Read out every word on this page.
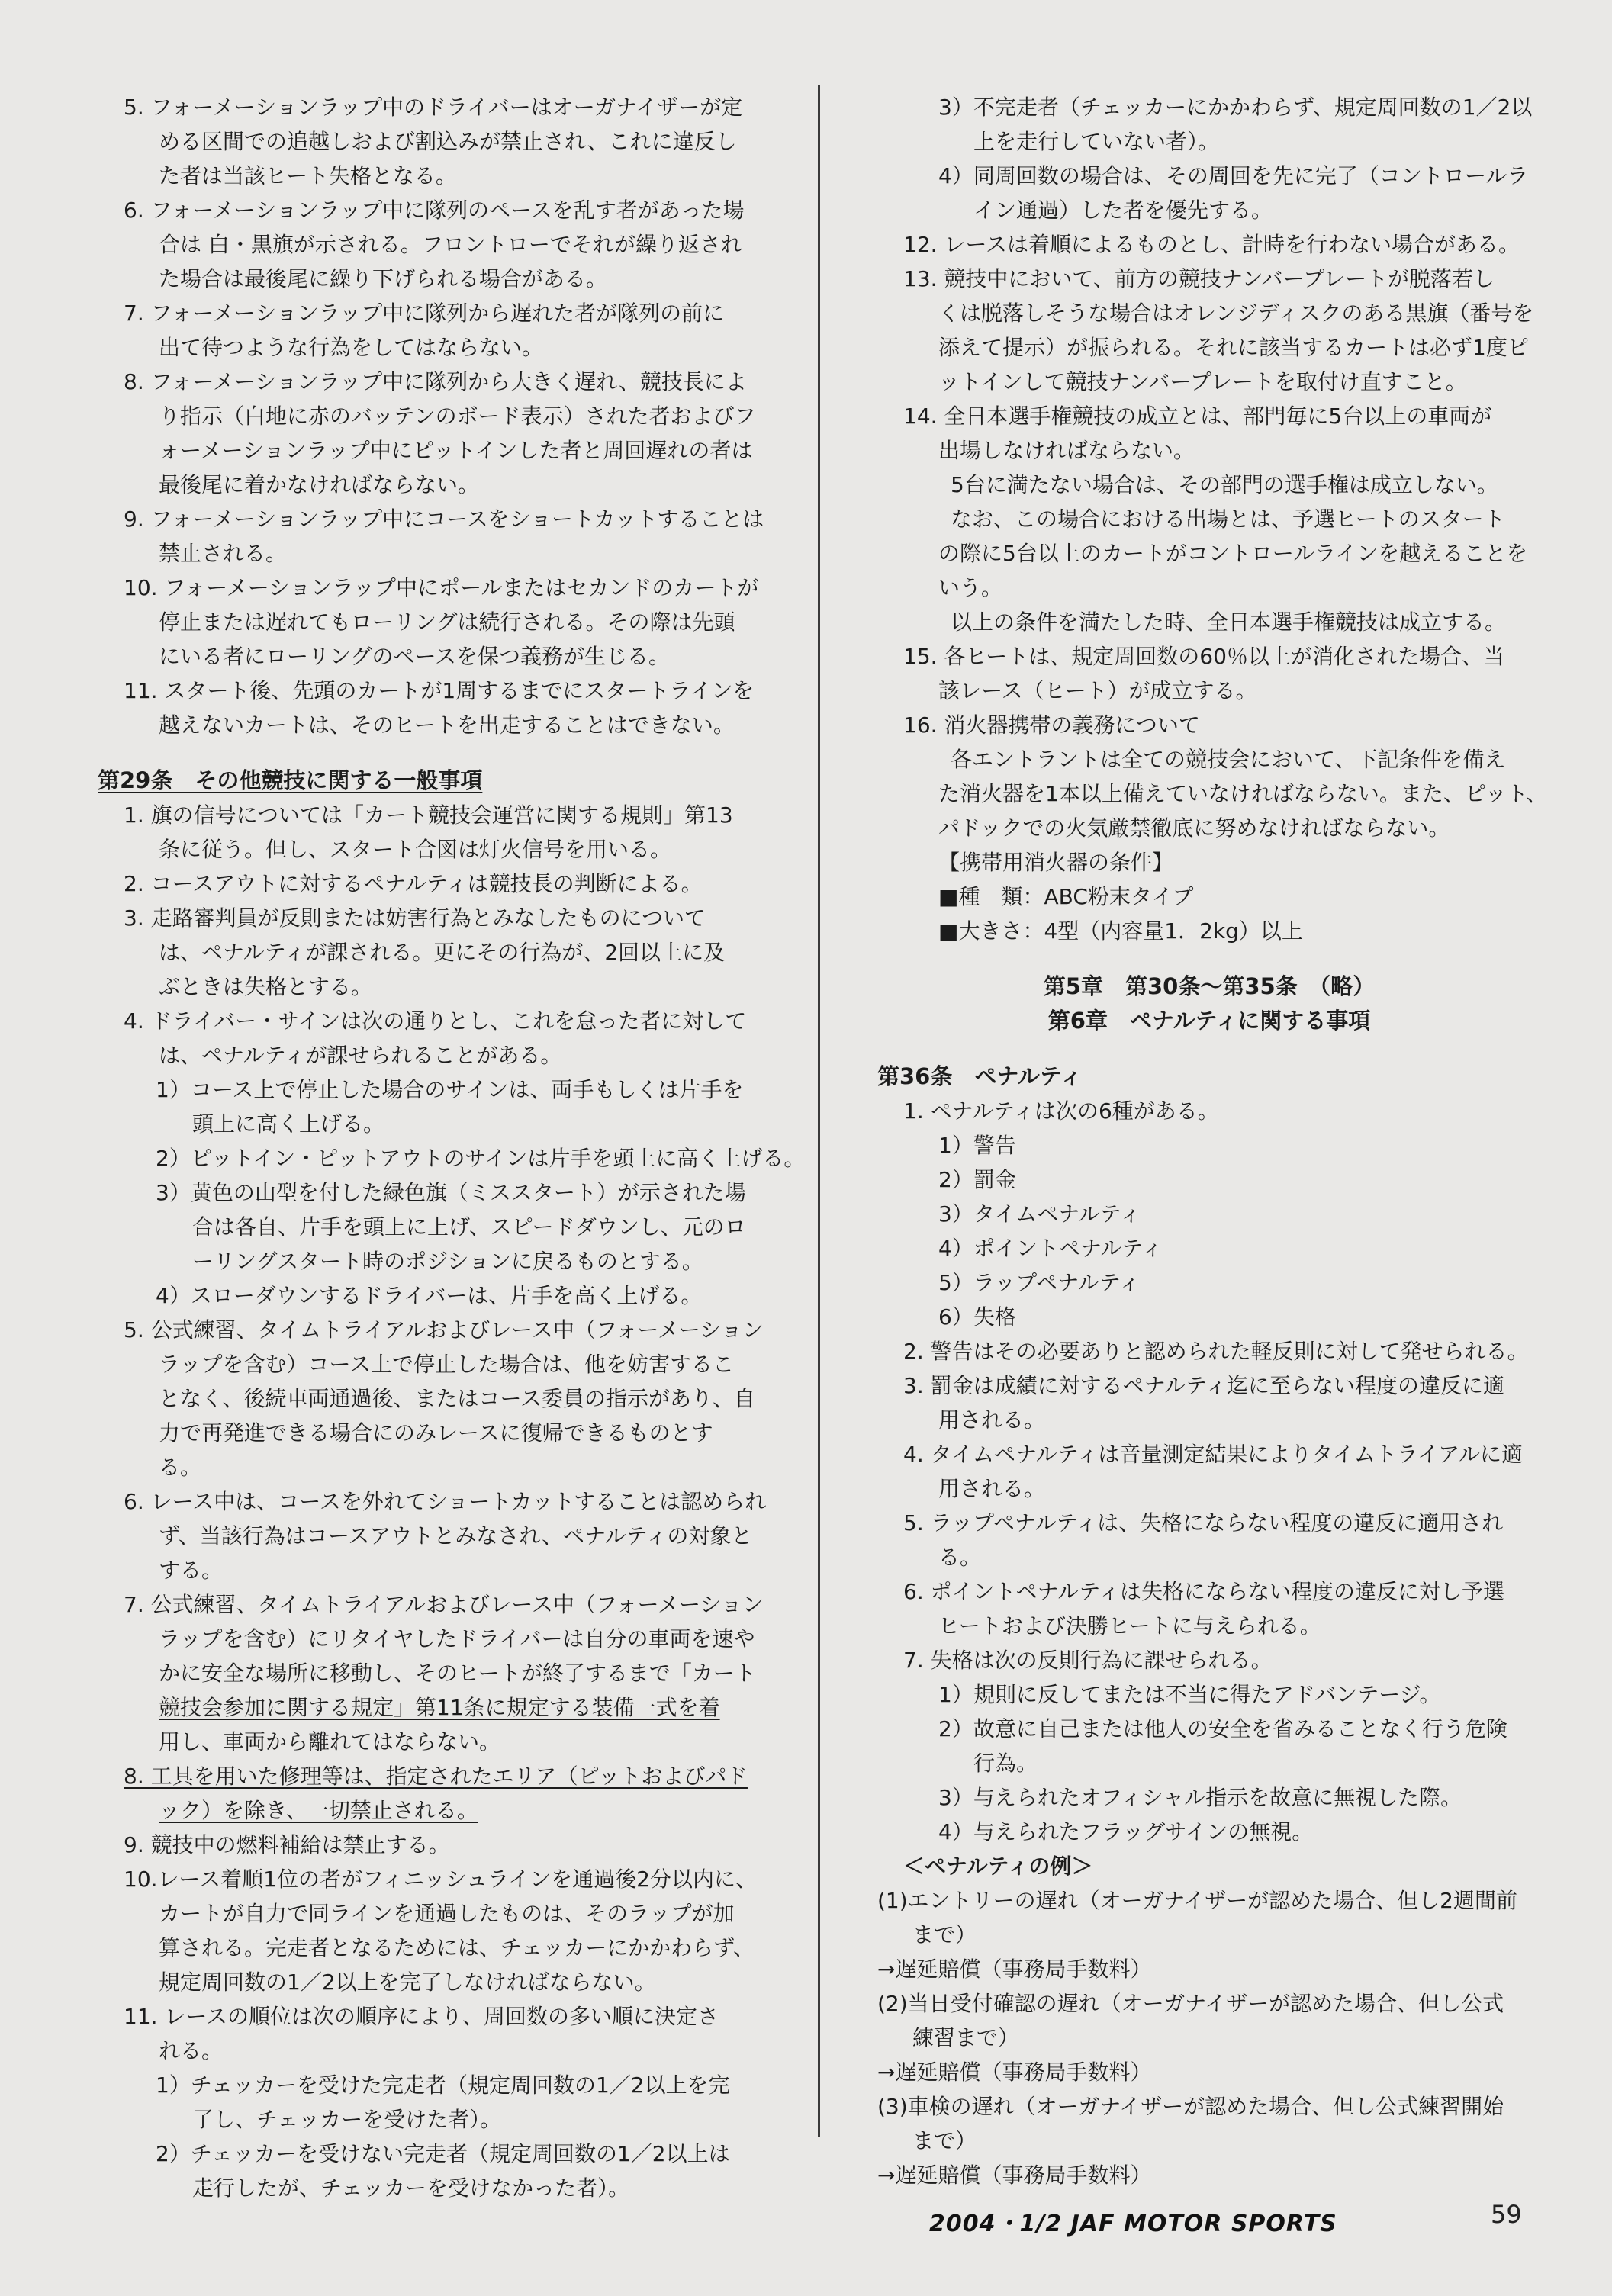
5. フォーメーションラップ中のドライバーはオーガナイザーが定
める区間での追越しおよび割込みが禁止され、これに違反し
た者は当該ヒート失格となる。
6. フォーメーションラップ中に隊列のペースを乱す者があった場
合は 白・黒旗が示される。フロントローでそれが繰り返され
た場合は最後尾に繰り下げられる場合がある。
7. フォーメーションラップ中に隊列から遅れた者が隊列の前に
出て待つような行為をしてはならない。
8. フォーメーションラップ中に隊列から大きく遅れ、競技長によ
り指示（白地に赤のバッテンのボード表示）された者およびフ
ォーメーションラップ中にピットインした者と周回遅れの者は
最後尾に着かなければならない。
9. フォーメーションラップ中にコースをショートカットすることは
禁止される。
10. フォーメーションラップ中にポールまたはセカンドのカートが
停止または遅れてもローリングは続行される。その際は先頭
にいる者にローリングのペースを保つ義務が生じる。
11. スタート後、先頭のカートが1周するまでにスタートラインを
越えないカートは、そのヒートを出走することはできない。
第29条　その他競技に関する一般事項
1. 旗の信号については「カート競技会運営に関する規則」第13
条に従う。但し、スタート合図は灯火信号を用いる。
2. コースアウトに対するペナルティは競技長の判断による。
3. 走路審判員が反則または妨害行為とみなしたものについて
は、ペナルティが課される。更にその行為が、2回以上に及
ぶときは失格とする。
4. ドライバー・サインは次の通りとし、これを怠った者に対して
は、ペナルティが課せられることがある。
1）コース上で停止した場合のサインは、両手もしくは片手を
頭上に高く上げる。
2）ピットイン・ピットアウトのサインは片手を頭上に高く上げる。
3）黄色の山型を付した緑色旗（ミススタート）が示された場
合は各自、片手を頭上に上げ、スピードダウンし、元のロ
ーリングスタート時のポジションに戻るものとする。
4）スローダウンするドライバーは、片手を高く上げる。
5. 公式練習、タイムトライアルおよびレース中（フォーメーション
ラップを含む）コース上で停止した場合は、他を妨害するこ
となく、後続車両通過後、またはコース委員の指示があり、自
力で再発進できる場合にのみレースに復帰できるものとす
る。
6. レース中は、コースを外れてショートカットすることは認められ
ず、当該行為はコースアウトとみなされ、ペナルティの対象と
する。
7. 公式練習、タイムトライアルおよびレース中（フォーメーション
ラップを含む）にリタイヤしたドライバーは自分の車両を速や
かに安全な場所に移動し、そのヒートが終了するまで「カート
競技会参加に関する規定」第11条に規定する装備一式を着
用し、車両から離れてはならない。
8. 工具を用いた修理等は、指定されたエリア（ピットおよびパド
ック）を除き、一切禁止される。
9. 競技中の燃料補給は禁止する。
10.レース着順1位の者がフィニッシュラインを通過後2分以内に、
カートが自力で同ラインを通過したものは、そのラップが加
算される。完走者となるためには、チェッカーにかかわらず、
規定周回数の1／2以上を完了しなければならない。
11. レースの順位は次の順序により、周回数の多い順に決定さ
れる。
1）チェッカーを受けた完走者（規定周回数の1／2以上を完
了し、チェッカーを受けた者）。
2）チェッカーを受けない完走者（規定周回数の1／2以上は
走行したが、チェッカーを受けなかった者）。
3）不完走者（チェッカーにかかわらず、規定周回数の1／2以
上を走行していない者）。
4）同周回数の場合は、その周回を先に完了（コントロールラ
イン通過）した者を優先する。
12. レースは着順によるものとし、計時を行わない場合がある。
13. 競技中において、前方の競技ナンバープレートが脱落若し
くは脱落しそうな場合はオレンジディスクのある黒旗（番号を
添えて提示）が振られる。それに該当するカートは必ず1度ピ
ットインして競技ナンバープレートを取付け直すこと。
14. 全日本選手権競技の成立とは、部門毎に5台以上の車両が
出場しなければならない。
5台に満たない場合は、その部門の選手権は成立しない。
なお、この場合における出場とは、予選ヒートのスタート
の際に5台以上のカートがコントロールラインを越えることを
いう。
以上の条件を満たした時、全日本選手権競技は成立する。
15. 各ヒートは、規定周回数の60％以上が消化された場合、当
該レース（ヒート）が成立する。
16. 消火器携帯の義務について
各エントラントは全ての競技会において、下記条件を備え
た消火器を1本以上備えていなければならない。また、ピット、
パドックでの火気厳禁徹底に努めなければならない。
【携帯用消火器の条件】
■種　類：ABC粉末タイプ
■大きさ：4型（内容量1．2kg）以上
第5章　第30条〜第35条　（略）
第6章　ペナルティに関する事項
第36条　ペナルティ
1. ペナルティは次の6種がある。
1）警告
2）罰金
3）タイムペナルティ
4）ポイントペナルティ
5）ラップペナルティ
6）失格
2. 警告はその必要ありと認められた軽反則に対して発せられる。
3. 罰金は成績に対するペナルティ迄に至らない程度の違反に適
用される。
4. タイムペナルティは音量測定結果によりタイムトライアルに適
用される。
5. ラップペナルティは、失格にならない程度の違反に適用され
る。
6. ポイントペナルティは失格にならない程度の違反に対し予選
ヒートおよび決勝ヒートに与えられる。
7. 失格は次の反則行為に課せられる。
1）規則に反してまたは不当に得たアドバンテージ。
2）故意に自己または他人の安全を省みることなく行う危険
行為。
3）与えられたオフィシャル指示を故意に無視した際。
4）与えられたフラッグサインの無視。
＜ペナルティの例＞
(1)エントリーの遅れ（オーガナイザーが認めた場合、但し2週間前
まで）
→遅延賠償（事務局手数料）
(2)当日受付確認の遅れ（オーガナイザーが認めた場合、但し公式
練習まで）
→遅延賠償（事務局手数料）
(3)車検の遅れ（オーガナイザーが認めた場合、但し公式練習開始
まで）
→遅延賠償（事務局手数料）
2004・1/2 JAF MOTOR SPORTS	59
